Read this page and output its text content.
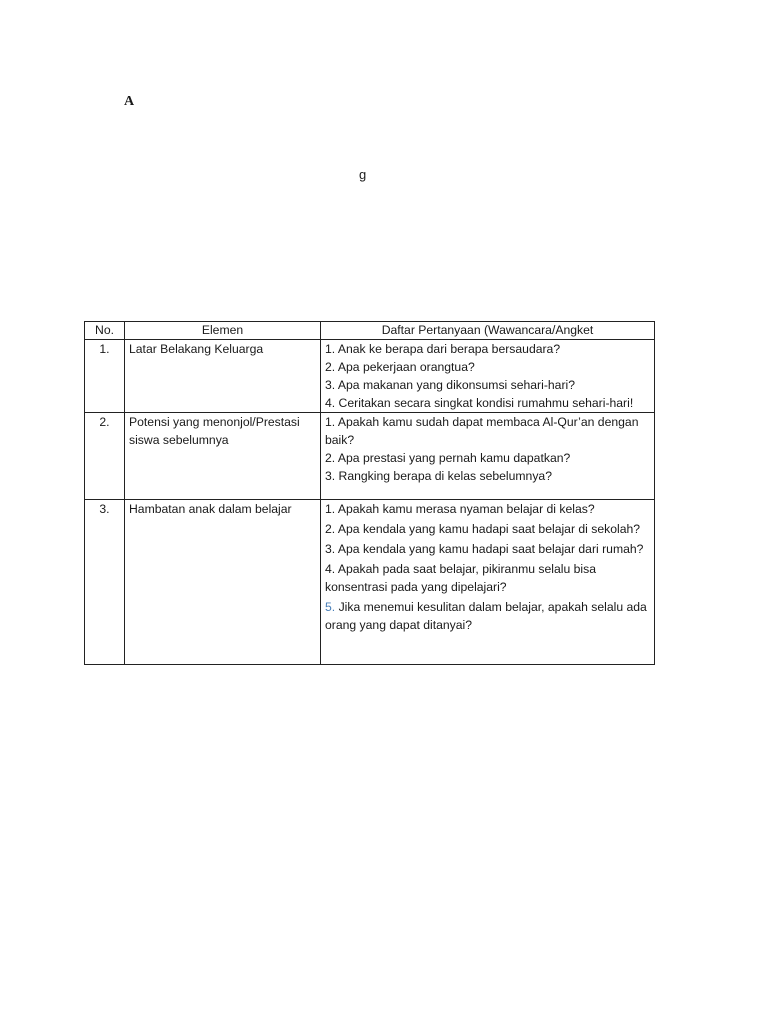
A
g
No.	Elemen	Daftar Pertanyaan (Wawancara/Angket
1.	Latar Belakang Keluarga	1. Anak ke berapa dari berapa bersaudara?
2. Apa pekerjaan orangtua?
3. Apa makanan yang dikonsumsi sehari-hari?
4. Ceritakan secara singkat kondisi rumahmu sehari-hari!

2.	Potensi yang menonjol/Prestasi siswa sebelumnya	1. Apakah kamu sudah dapat membaca Al-Qur’an dengan baik?
2. Apa prestasi yang pernah kamu dapatkan?
3. Rangking berapa di kelas sebelumnya?

3.	Hambatan anak dalam belajar	1. Apakah kamu merasa nyaman belajar di kelas?
2. Apa kendala yang kamu hadapi saat belajar di sekolah?
3. Apa kendala yang kamu hadapi saat belajar dari rumah?
4. Apakah pada saat belajar, pikiranmu selalu bisa konsentrasi pada yang dipelajari?
5. Jika menemui kesulitan dalam belajar, apakah selalu ada orang yang dapat ditanyai?
